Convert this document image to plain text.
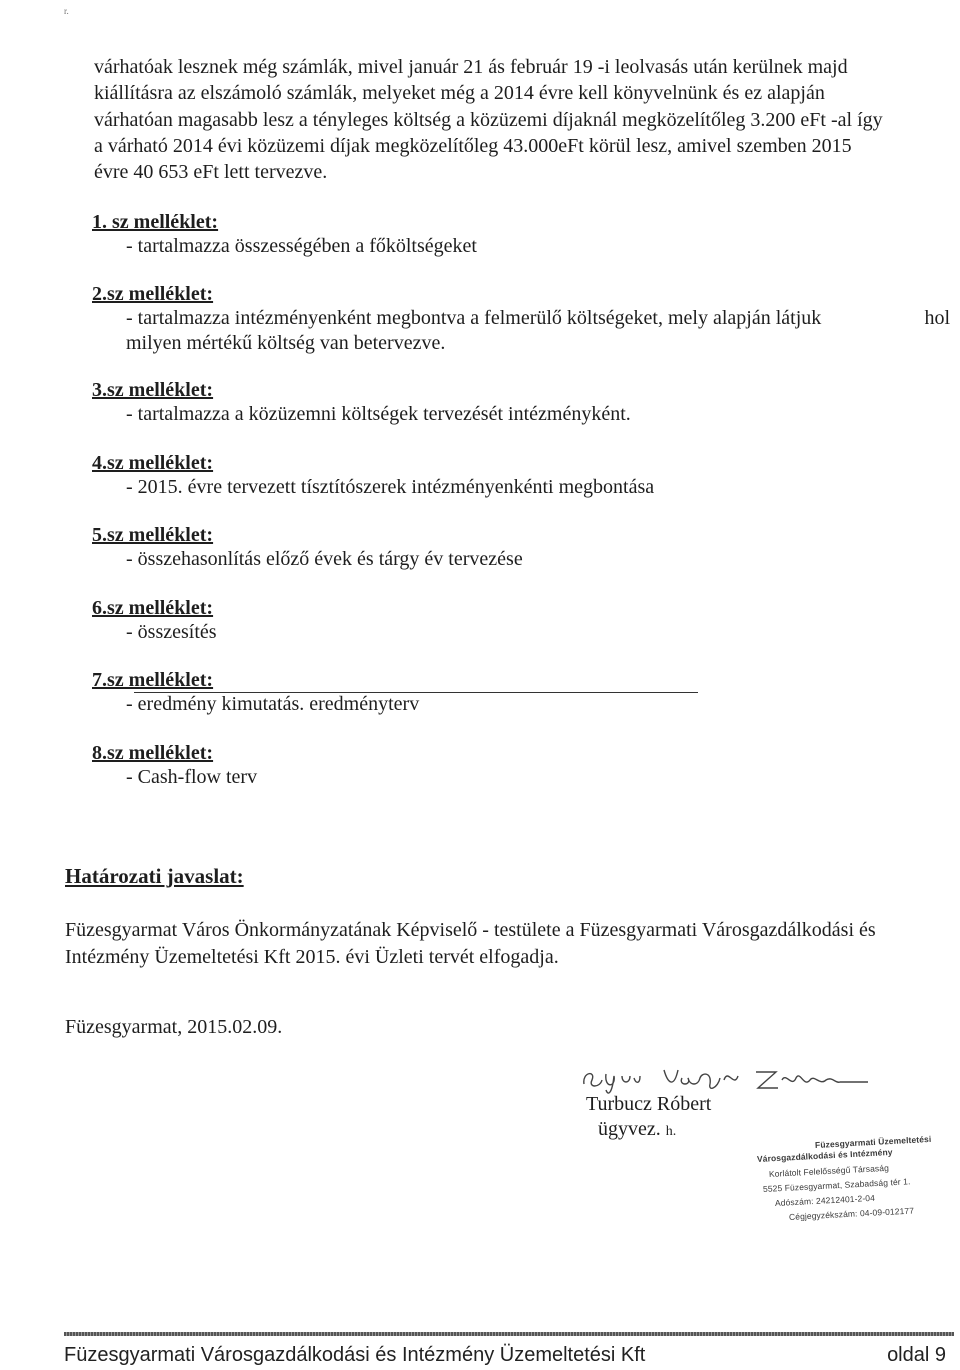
r.

várhatóak lesznek még számlák, mivel január 21 ás február 19 -i leolvasás után kerülnek majd
kiállításra az elszámoló számlák, melyeket még a 2014 évre kell könyvelnünk és ez alapján
várhatóan magasabb lesz a tényleges költség a közüzemi díjaknál megközelítőleg 3.200 eFt -al így
a várható 2014 évi közüzemi díjak megközelítőleg 43.000eFt körül lesz, amivel szemben 2015
évre 40 653 eFt lett tervezve.

1. sz melléklet:
- tartalmazza összességében a főköltségeket
2.sz melléklet:
- tartalmazza intézményenként megbontva a felmerülő költségeket, mely alapján látjuk	hol
milyen mértékű költség van betervezve.
3.sz melléklet:
- tartalmazza a közüzemni költségek tervezését intézményként.
4.sz melléklet:
- 2015. évre tervezett tísztítószerek intézményenkénti megbontása
5.sz melléklet:
- összehasonlítás előző évek és tárgy év tervezése
6.sz melléklet:
- összesítés
7.sz melléklet:
- eredmény kimutatás. eredményterv
8.sz melléklet:
- Cash-flow terv
Határozati javaslat:

Füzesgyarmat Város Önkormányzatának Képviselő - testülete a Füzesgyarmati Városgazdálkodási és
Intézmény Üzemeltetési Kft 2015. évi Üzleti tervét elfogadja.

Füzesgyarmat, 2015.02.09.
Turbucz Róbert
ügyvez. h.
Füzesgyarmati Üzemeltetési
Városgazdálkodási és Intézmény
Korlátolt Felelősségű Társaság
5525 Füzesgyarmat, Szabadság tér 1.
Adószám: 24212401-2-04
Cégjegyzékszám: 04-09-012177
Füzesgyarmati Városgazdálkodási és Intézmény Üzemeltetési Kft	oldal 9
